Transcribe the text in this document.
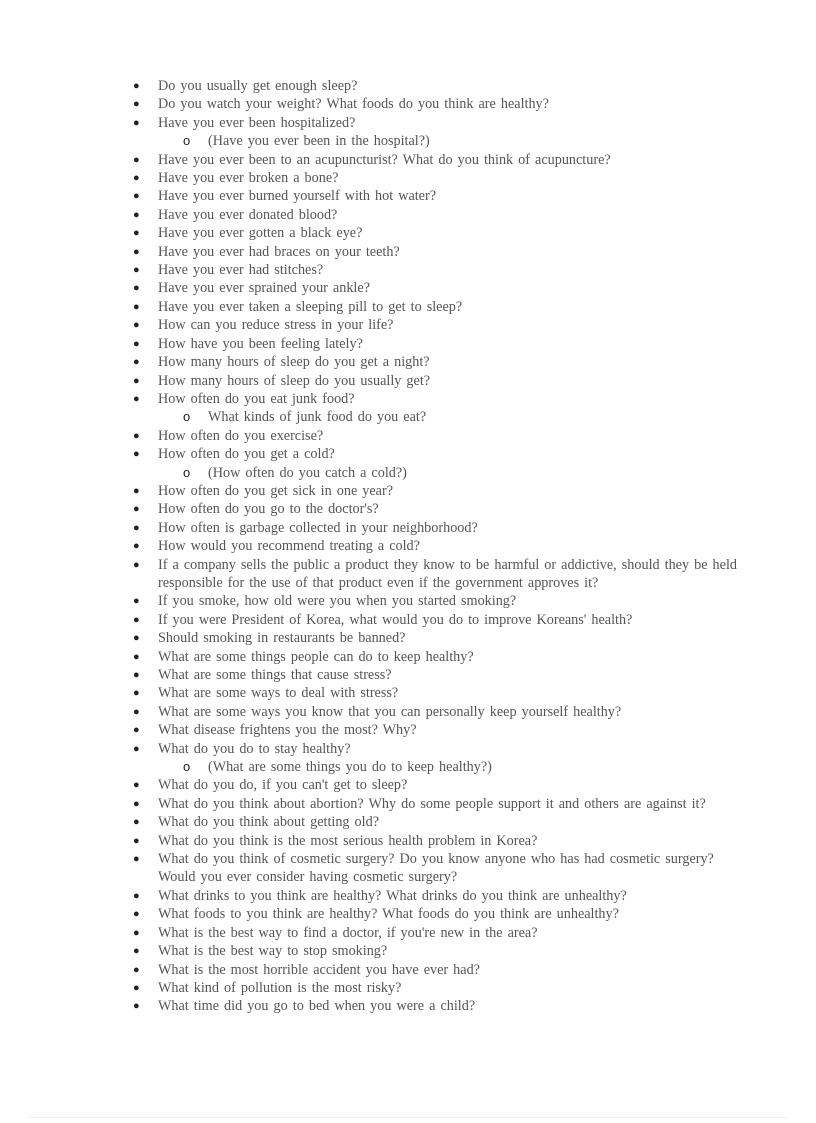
● Do you usually get enough sleep?
● Do you watch your weight? What foods do you think are healthy?
● Have you ever been hospitalized?
o (Have you ever been in the hospital?)
● Have you ever been to an acupuncturist? What do you think of acupuncture?
● Have you ever broken a bone?
● Have you ever burned yourself with hot water?
● Have you ever donated blood?
● Have you ever gotten a black eye?
● Have you ever had braces on your teeth?
● Have you ever had stitches?
● Have you ever sprained your ankle?
● Have you ever taken a sleeping pill to get to sleep?
● How can you reduce stress in your life?
● How have you been feeling lately?
● How many hours of sleep do you get a night?
● How many hours of sleep do you usually get?
● How often do you eat junk food?
o What kinds of junk food do you eat?
● How often do you exercise?
● How often do you get a cold?
o (How often do you catch a cold?)
● How often do you get sick in one year?
● How often do you go to the doctor's?
● How often is garbage collected in your neighborhood?
● How would you recommend treating a cold?
● If a company sells the public a product they know to be harmful or addictive, should they be held responsible for the use of that product even if the government approves it?
● If you smoke, how old were you when you started smoking?
● If you were President of Korea, what would you do to improve Koreans' health?
● Should smoking in restaurants be banned?
● What are some things people can do to keep healthy?
● What are some things that cause stress?
● What are some ways to deal with stress?
● What are some ways you know that you can personally keep yourself healthy?
● What disease frightens you the most? Why?
● What do you do to stay healthy?
o (What are some things you do to keep healthy?)
● What do you do, if you can't get to sleep?
● What do you think about abortion? Why do some people support it and others are against it?
● What do you think about getting old?
● What do you think is the most serious health problem in Korea?
● What do you think of cosmetic surgery? Do you know anyone who has had cosmetic surgery? Would you ever consider having cosmetic surgery?
● What drinks to you think are healthy? What drinks do you think are unhealthy?
● What foods to you think are healthy? What foods do you think are unhealthy?
● What is the best way to find a doctor, if you're new in the area?
● What is the best way to stop smoking?
● What is the most horrible accident you have ever had?
● What kind of pollution is the most risky?
● What time did you go to bed when you were a child?
